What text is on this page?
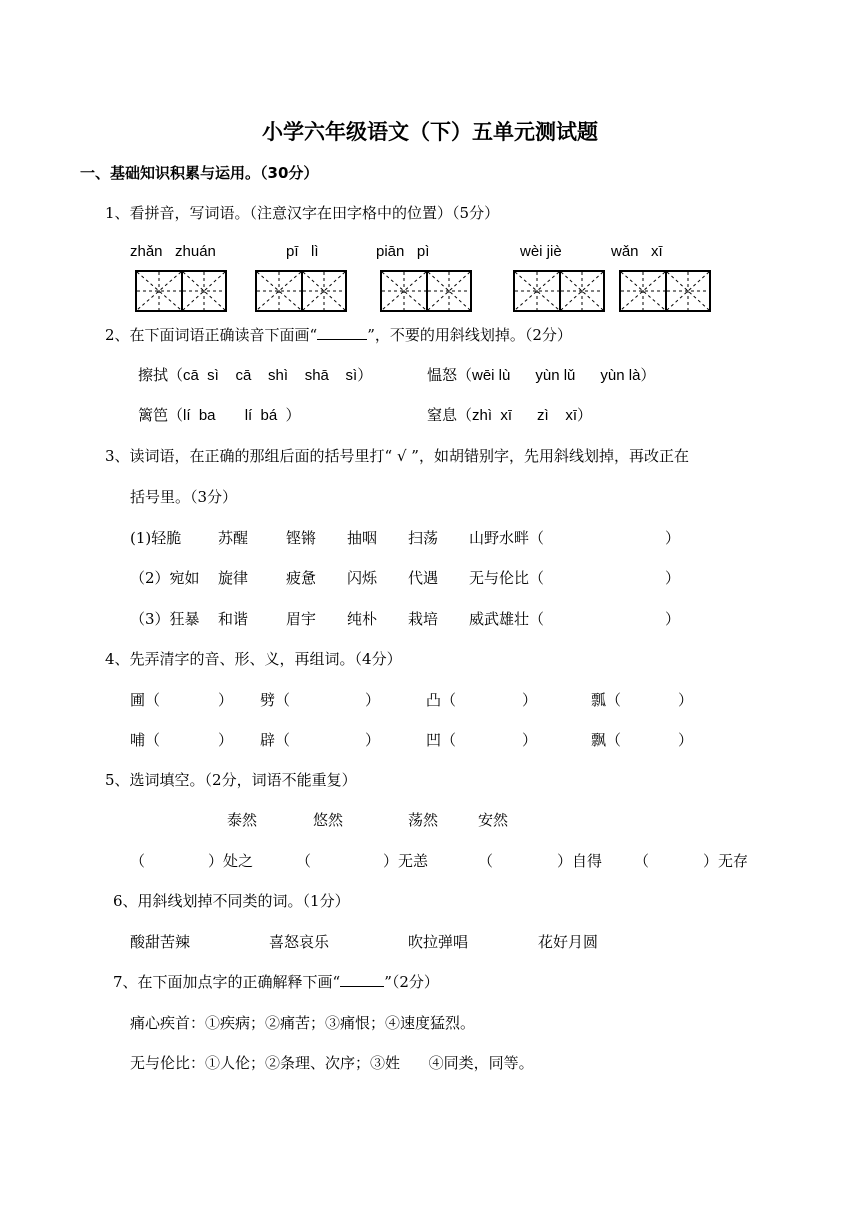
小学六年级语文（下）五单元测试题
一、基础知识积累与运用。（30分）
1、看拼音，写词语。（注意汉字在田字格中的位置）（5分）
zhǎn   zhuán	pī   lì	piān   pì	wèi jiè	wǎn   xī
2、在下面词语正确读音下面画“	”，不要的用斜线划掉。（2分）
擦拭（cā  sì    cā    shì    shā    sì）	愠怒（wēi lù      yùn lǔ      yùn là）
篱笆（lí  ba       lí  bá  ）	窒息（zhì  xī      zì    xī）
3、读词语，在正确的那组后面的括号里打“ √ ”，如胡错别字，先用斜线划掉，再改正在
括号里。（3分）
(1)轻脆 苏醒	铿锵 抽咽 扫荡 山野水畔（	）
（2）宛如 旋律	疲惫 闪烁 代遇 无与伦比（	）
（3）狂暴 和谐	眉宇 纯朴 栽培 威武雄壮（	）
4、先弄清字的音、形、义，再组词。（4分）
圃（	） 劈（	）	凸（	）	瓢（	）
哺（	） 辟（	）	凹（	）	飘（	）
5、选词填空。（2分，词语不能重复）
泰然	悠然	荡然	安然
（	）处之	（	）无恙	（	）自得 （	）无存
6、用斜线划掉不同类的词。（1分）
酸甜苦辣	喜怒哀乐	吹拉弹唱	花好月圆
7、在下面加点字的正确解释下画“	”（2分）
痛心疾首：①疾病；②痛苦；③痛恨；④速度猛烈。
无与伦比：①人伦；②条理、次序；③姓      ④同类，同等。
